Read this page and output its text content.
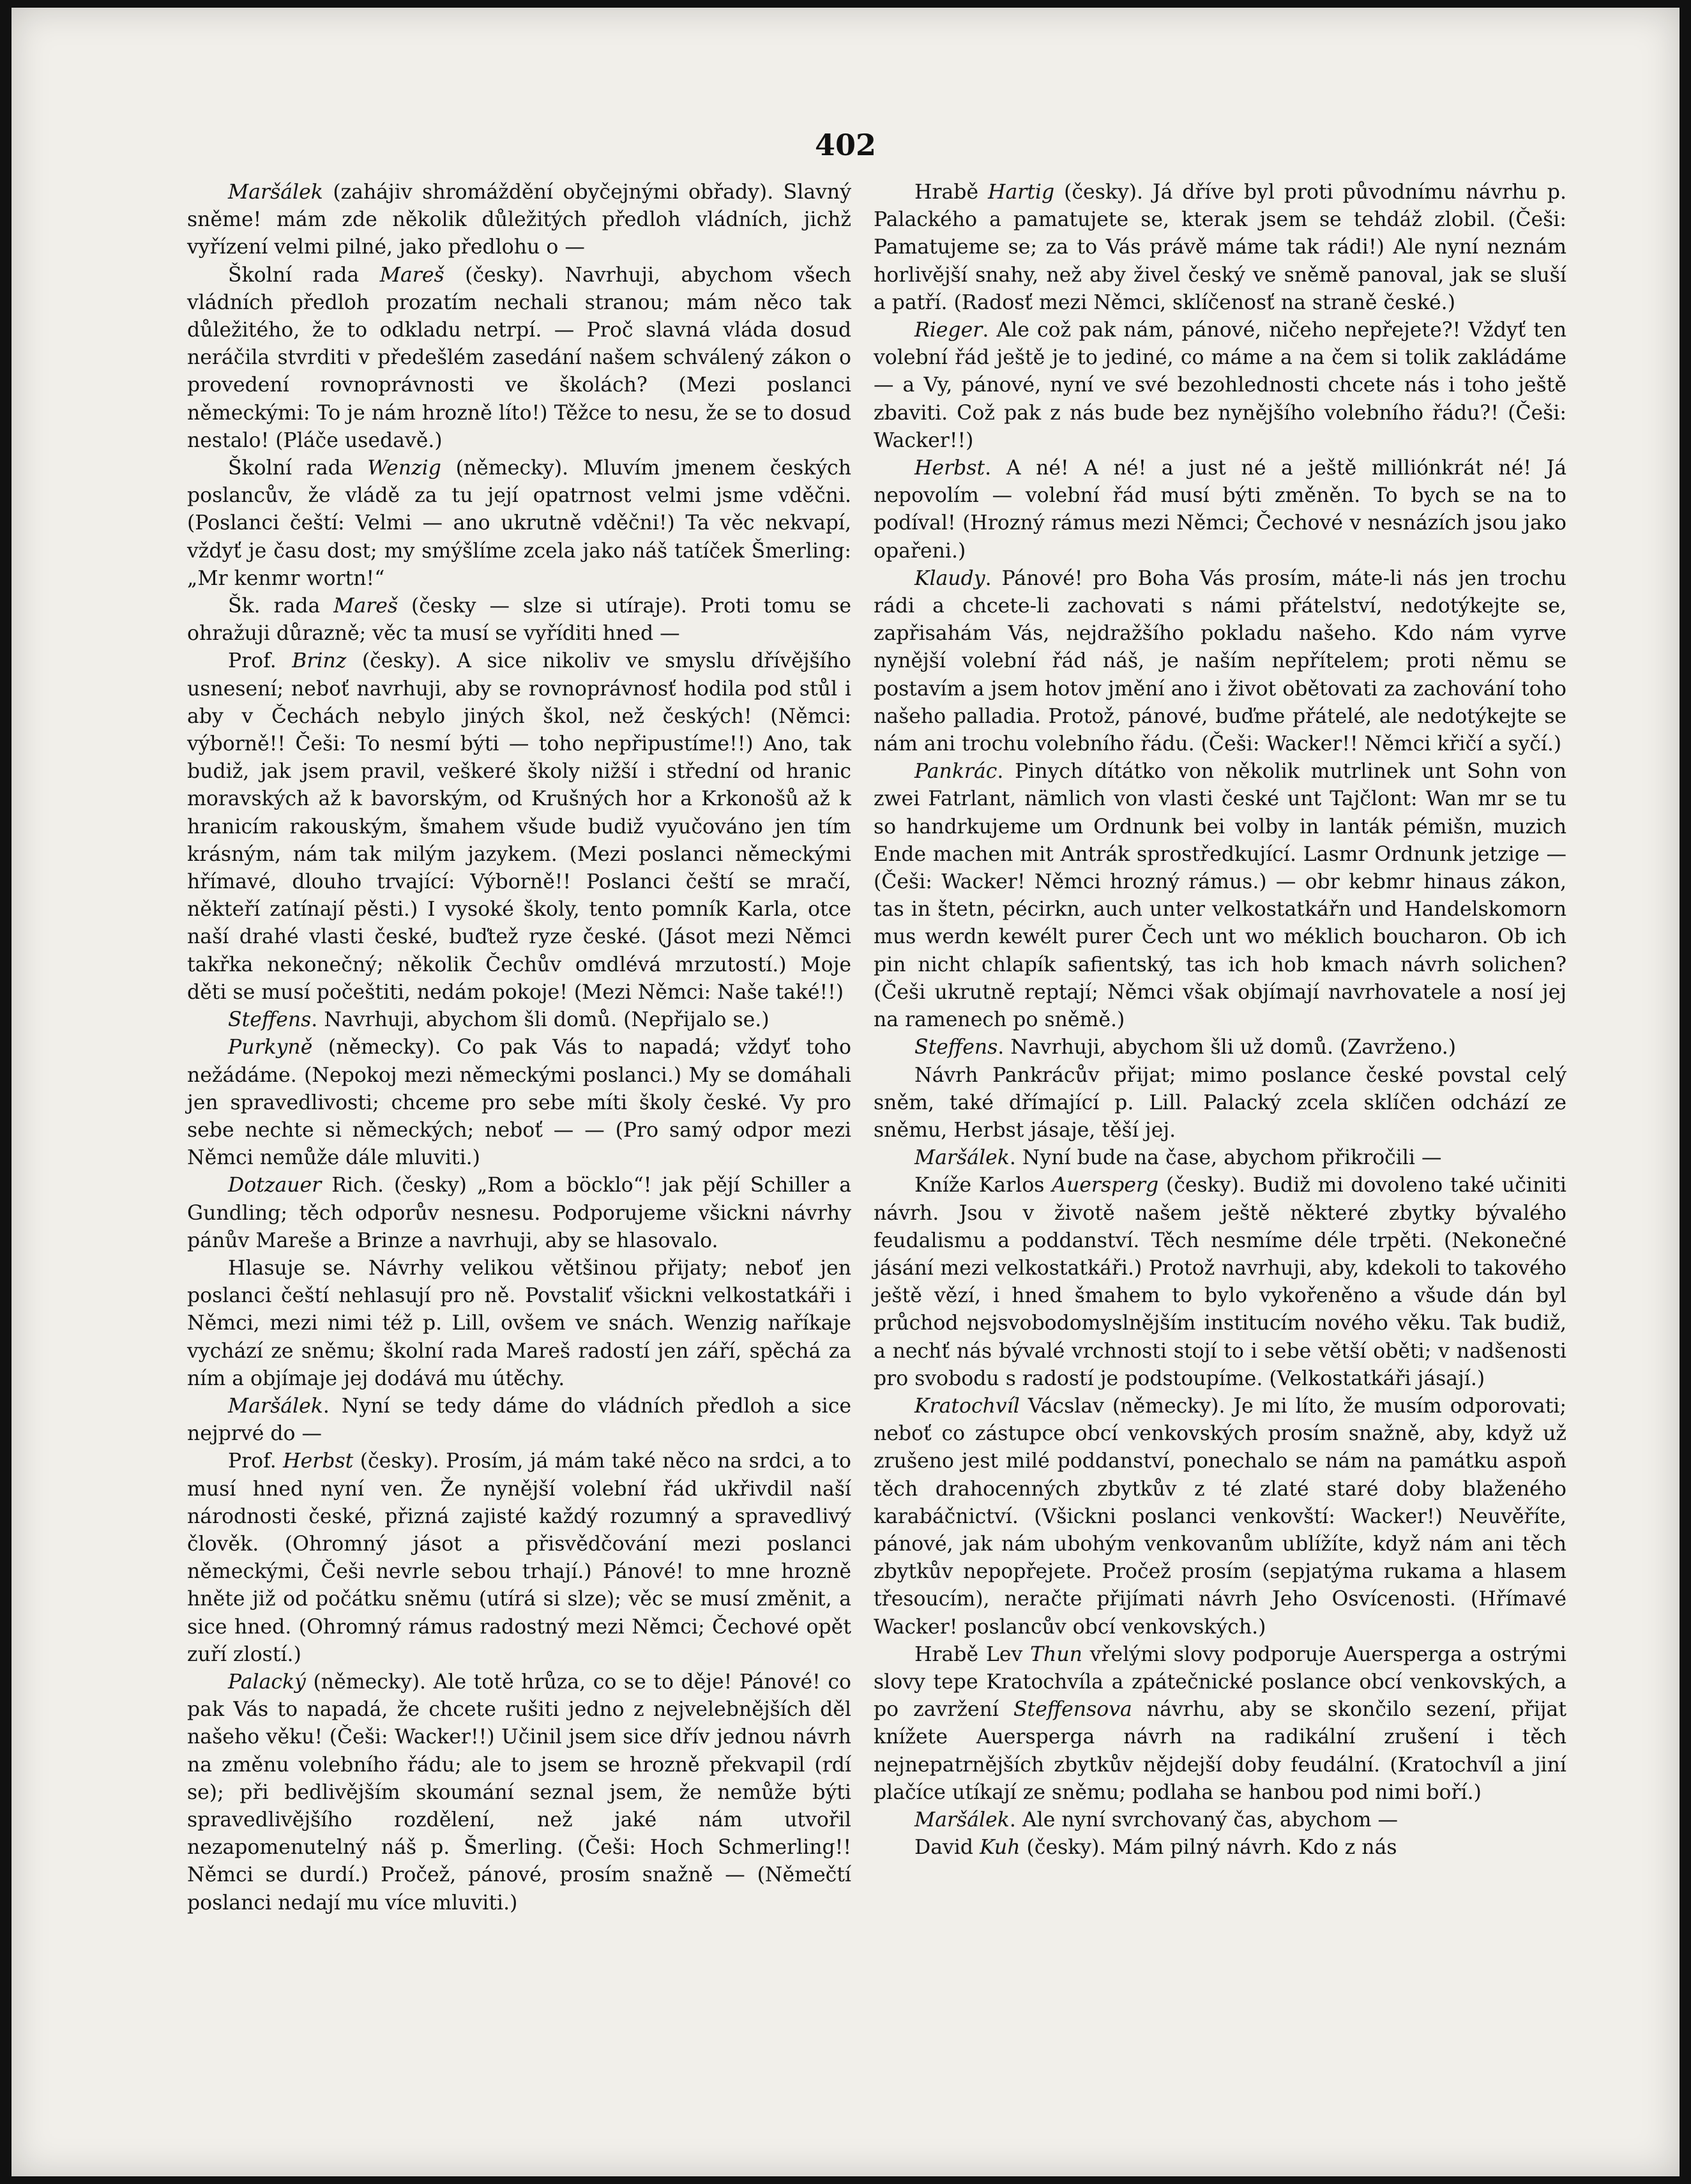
402

Maršálek (zahájiv shromáždění obyčejnými obřady). Slavný sněme! mám zde několik důležitých předloh vládních, jichž vyřízení velmi pilné, jako předlohu o —

Školní rada Mareš (česky). Navrhuji, abychom všech vládních předloh prozatím nechali stranou; mám něco tak důležitého, že to odkladu netrpí. — Proč slavná vláda dosud neráčila stvrditi v předešlém zasedání našem schválený zákon o provedení rovnoprávnosti ve školách? (Mezi poslanci německými: To je nám hrozně líto!) Těžce to nesu, že se to dosud nestalo! (Pláče usedavě.)

Školní rada Wenzig (německy). Mluvím jmenem českých poslancův, že vládě za tu její opatrnost velmi jsme vděčni. (Poslanci čeští: Velmi — ano ukrutně vděčni!) Ta věc nekvapí, vždyť je času dost; my smýšlíme zcela jako náš tatíček Šmerling: „Mr kenmr wortn!“

Šk. rada Mareš (česky — slze si utíraje). Proti tomu se ohražuji důrazně; věc ta musí se vyříditi hned —

Prof. Brinz (česky). A sice nikoliv ve smyslu dřívějšího usnesení; neboť navrhuji, aby se rovnoprávnosť hodila pod stůl i aby v Čechách nebylo jiných škol, než českých! (Němci: výborně!! Češi: To nesmí býti — toho nepřipustíme!!) Ano, tak budiž, jak jsem pravil, veškeré školy nižší i střední od hranic moravských až k bavorským, od Krušných hor a Krkonošů až k hranicím rakouským, šmahem všude budiž vyučováno jen tím krásným, nám tak milým jazykem. (Mezi poslanci německými hřímavé, dlouho trvající: Výborně!! Poslanci čeští se mračí, někteří zatínají pěsti.) I vysoké školy, tento pomník Karla, otce naší drahé vlasti české, buďtež ryze české. (Jásot mezi Němci takřka nekonečný; několik Čechův omdlévá mrzutostí.) Moje děti se musí počeštiti, nedám pokoje! (Mezi Němci: Naše také!!)

Steffens. Navrhuji, abychom šli domů. (Nepřijalo se.)

Purkyně (německy). Co pak Vás to napadá; vždyť toho nežádáme. (Nepokoj mezi německými poslanci.) My se domáhali jen spravedlivosti; chceme pro sebe míti školy české. Vy pro sebe nechte si německých; neboť — — (Pro samý odpor mezi Němci nemůže dále mluviti.)

Dotzauer Rich. (česky) „Rom a böcklo“! jak pějí Schiller a Gundling; těch odporův nesnesu. Podporujeme všickni návrhy pánův Mareše a Brinze a navrhuji, aby se hlasovalo.

Hlasuje se. Návrhy velikou většinou přijaty; neboť jen poslanci čeští nehlasují pro ně. Povstaliť všickni velkostatkáři i Němci, mezi nimi též p. Lill, ovšem ve snách. Wenzig naříkaje vychází ze sněmu; školní rada Mareš radostí jen září, spěchá za ním a objímaje jej dodává mu útěchy.

Maršálek. Nyní se tedy dáme do vládních předloh a sice nejprvé do —

Prof. Herbst (česky). Prosím, já mám také něco na srdci, a to musí hned nyní ven. Že nynější volební řád ukřivdil naší národnosti české, přizná zajisté každý rozumný a spravedlivý člověk. (Ohromný jásot a přisvědčování mezi poslanci německými, Češi nevrle sebou trhají.) Pánové! to mne hrozně hněte již od počátku sněmu (utírá si slze); věc se musí změnit, a sice hned. (Ohromný rámus radostný mezi Němci; Čechové opět zuří zlostí.)

Palacký (německy). Ale totě hrůza, co se to děje! Pánové! co pak Vás to napadá, že chcete rušiti jedno z nejvelebnějších děl našeho věku! (Češi: Wacker!!) Učinil jsem sice dřív jednou návrh na změnu volebního řádu; ale to jsem se hrozně překvapil (rdí se); při bedlivějším skoumání seznal jsem, že nemůže býti spravedlivějšího rozdělení, než jaké nám utvořil nezapomenutelný náš p. Šmerling. (Češi: Hoch Schmerling!! Němci se durdí.) Pročež, pánové, prosím snažně — (Němečtí poslanci nedají mu více mluviti.)

Hrabě Hartig (česky). Já dříve byl proti původnímu návrhu p. Palackého a pamatujete se, kterak jsem se tehdáž zlobil. (Češi: Pamatujeme se; za to Vás právě máme tak rádi!) Ale nyní neznám horlivější snahy, než aby živel český ve sněmě panoval, jak se sluší a patří. (Radosť mezi Němci, sklíčenosť na straně české.)

Rieger. Ale což pak nám, pánové, ničeho nepřejete?! Vždyť ten volební řád ještě je to jediné, co máme a na čem si tolik zakládáme — a Vy, pánové, nyní ve své bezohlednosti chcete nás i toho ještě zbaviti. Což pak z nás bude bez nynějšího volebního řádu?! (Češi: Wacker!!)

Herbst. A né! A né! a just né a ještě milliónkrát né! Já nepovolím — volební řád musí býti změněn. To bych se na to podíval! (Hrozný rámus mezi Němci; Čechové v nesnázích jsou jako opařeni.)

Klaudy. Pánové! pro Boha Vás prosím, máte-li nás jen trochu rádi a chcete-li zachovati s námi přátelství, nedotýkejte se, zapřisahám Vás, nejdražšího pokladu našeho. Kdo nám vyrve nynější volební řád náš, je naším nepřítelem; proti němu se postavím a jsem hotov jmění ano i život obětovati za zachování toho našeho palladia. Protož, pánové, buďme přátelé, ale nedotýkejte se nám ani trochu volebního řádu. (Češi: Wacker!! Němci křičí a syčí.)

Pankrác. Pinych dítátko von několik mutrlinek unt Sohn von zwei Fatrlant, nämlich von vlasti české unt Tajčlont: Wan mr se tu so handrkujeme um Ordnunk bei volby in lanták pémišn, muzich Ende machen mit Antrák sprostředkující. Lasmr Ordnunk jetzige — (Češi: Wacker! Němci hrozný rámus.) — obr kebmr hinaus zákon, tas in štetn, pécirkn, auch unter velkostatkářn und Handelskomorn mus werdn kewélt purer Čech unt wo méklich boucharon. Ob ich pin nicht chlapík safientský, tas ich hob kmach návrh solichen? (Češi ukrutně reptají; Němci však objímají navrhovatele a nosí jej na ramenech po sněmě.)

Steffens. Navrhuji, abychom šli už domů. (Zavrženo.)

Návrh Pankrácův přijat; mimo poslance české povstal celý sněm, také dřímající p. Lill. Palacký zcela sklíčen odchází ze sněmu, Herbst jásaje, těší jej.

Maršálek. Nyní bude na čase, abychom přikročili —

Kníže Karlos Auersperg (česky). Budiž mi dovoleno také učiniti návrh. Jsou v životě našem ještě některé zbytky bývalého feudalismu a poddanství. Těch nesmíme déle trpěti. (Nekonečné jásání mezi velkostatkáři.) Protož navrhuji, aby, kdekoli to takového ještě vězí, i hned šmahem to bylo vykořeněno a všude dán byl průchod nejsvobodomyslnějším institucím nového věku. Tak budiž, a nechť nás bývalé vrchnosti stojí to i sebe větší oběti; v nadšenosti pro svobodu s radostí je podstoupíme. (Velkostatkáři jásají.)

Kratochvíl Vácslav (německy). Je mi líto, že musím odporovati; neboť co zástupce obcí venkovských prosím snažně, aby, když už zrušeno jest milé poddanství, ponechalo se nám na památku aspoň těch drahocenných zbytkův z té zlaté staré doby blaženého karabáčnictví. (Všickni poslanci venkovští: Wacker!) Neuvěříte, pánové, jak nám ubohým venkovanům ublížíte, když nám ani těch zbytkův nepopřejete. Pročež prosím (sepjatýma rukama a hlasem třesoucím), neračte přijímati návrh Jeho Osvícenosti. (Hřímavé Wacker! poslancův obcí venkovských.)

Hrabě Lev Thun vřelými slovy podporuje Auersperga a ostrými slovy tepe Kratochvíla a zpátečnické poslance obcí venkovských, a po zavržení Steffensova návrhu, aby se skončilo sezení, přijat knížete Auersperga návrh na radikální zrušení i těch nejnepatrnějších zbytkův nějdejší doby feudální. (Kratochvíl a jiní plačíce utíkají ze sněmu; podlaha se hanbou pod nimi boří.)

Maršálek. Ale nyní svrchovaný čas, abychom —

David Kuh (česky). Mám pilný návrh. Kdo z nás
